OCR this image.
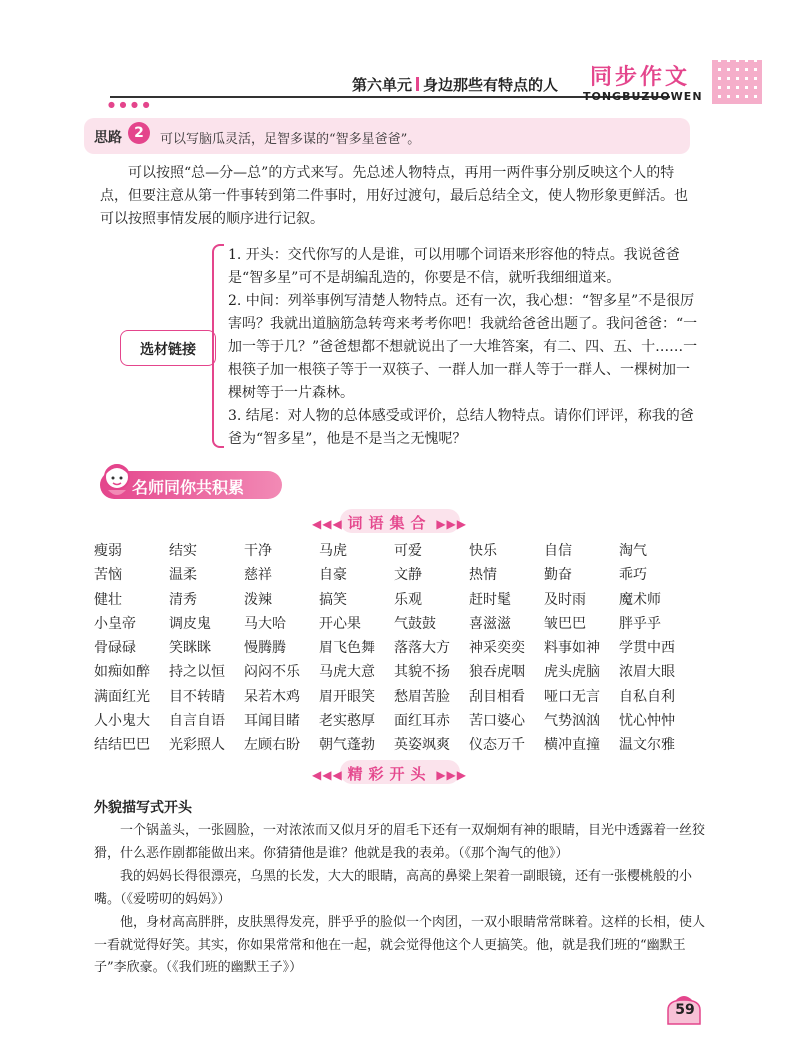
● ● ● ●
第六单元 身边那些有特点的人 同步作文
TONGBUZUOWEN
思路 2	可以写脑瓜灵活，足智多谋的“智多星爸爸”。
可以按照“总—分—总”的方式来写。先总述人物特点，再用一两件事分别反映这个人的特点，但要注意从第一件事转到第二件事时，用好过渡句，最后总结全文，使人物形象更鲜活。也可以按照事情发展的顺序进行记叙。
选材链接

1. 开头：交代你写的人是谁，可以用哪个词语来形容他的特点。我说爸爸是“智多星”可不是胡编乱造的，你要是不信，就听我细细道来。

2. 中间：列举事例写清楚人物特点。还有一次，我心想：“智多星”不是很厉害吗？我就出道脑筋急转弯来考考你吧！我就给爸爸出题了。我问爸爸：“一加一等于几？”爸爸想都不想就说出了一大堆答案，有二、四、五、十……一根筷子加一根筷子等于一双筷子、一群人加一群人等于一群人、一棵树加一棵树等于一片森林。

3. 结尾：对人物的总体感受或评价，总结人物特点。请你们评评，称我的爸爸为“智多星”，他是不是当之无愧呢？

名师同你共积累
◀◀◀ 词语集合 ▶▶▶
瘦弱	结实	干净	马虎	可爱	快乐	自信	淘气
苦恼	温柔	慈祥	自豪	文静	热情	勤奋	乖巧
健壮	清秀	泼辣	搞笑	乐观	赶时髦	及时雨	魔术师
小皇帝	调皮鬼	马大哈	开心果	气鼓鼓	喜滋滋	皱巴巴	胖乎乎
骨碌碌	笑眯眯	慢腾腾	眉飞色舞	落落大方	神采奕奕	料事如神	学贯中西
如痴如醉	持之以恒	闷闷不乐	马虎大意	其貌不扬	狼吞虎咽	虎头虎脑	浓眉大眼
满面红光	目不转睛	呆若木鸡	眉开眼笑	愁眉苦脸	刮目相看	哑口无言	自私自利
人小鬼大	自言自语	耳闻目睹	老实憨厚	面红耳赤	苦口婆心	气势汹汹	忧心忡忡
结结巴巴	光彩照人	左顾右盼	朝气蓬勃	英姿飒爽	仪态万千	横冲直撞	温文尔雅
◀◀◀ 精彩开头 ▶▶▶
外貌描写式开头

一个锅盖头，一张圆脸，一对浓浓而又似月牙的眉毛下还有一双炯炯有神的眼睛，目光中透露着一丝狡猾，什么恶作剧都能做出来。你猜猜他是谁？他就是我的表弟。（《那个淘气的他》）

我的妈妈长得很漂亮，乌黑的长发，大大的眼睛，高高的鼻梁上架着一副眼镜，还有一张樱桃般的小嘴。（《爱唠叨的妈妈》）

他，身材高高胖胖，皮肤黑得发亮，胖乎乎的脸似一个肉团，一双小眼睛常常眯着。这样的长相，使人一看就觉得好笑。其实，你如果常常和他在一起，就会觉得他这个人更搞笑。他，就是我们班的“幽默王子”李欣豪。（《我们班的幽默王子》）

59
